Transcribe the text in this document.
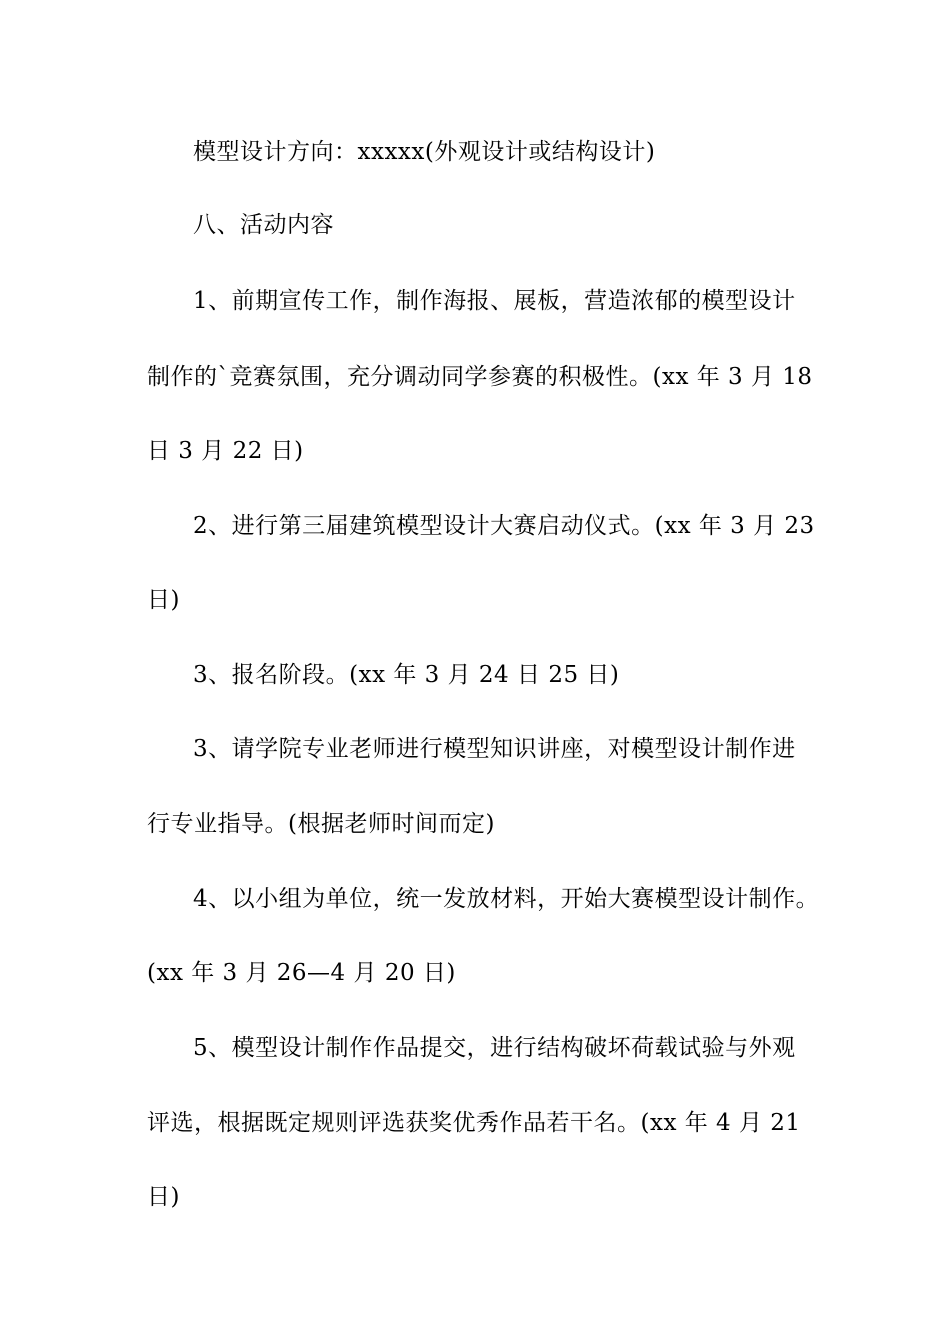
模型设计方向：xxxxx(外观设计或结构设计)
八、活动内容
1、前期宣传工作，制作海报、展板，营造浓郁的模型设计
制作的`竞赛氛围，充分调动同学参赛的积极性。(xx 年 3 月 18
日 3 月 22 日)
2、进行第三届建筑模型设计大赛启动仪式。(xx 年 3 月 23
日)
3、报名阶段。(xx 年 3 月 24 日 25 日)
3、请学院专业老师进行模型知识讲座，对模型设计制作进
行专业指导。(根据老师时间而定)
4、以小组为单位，统一发放材料，开始大赛模型设计制作。
(xx 年 3 月 26—4 月 20 日)
5、模型设计制作作品提交，进行结构破坏荷载试验与外观
评选，根据既定规则评选获奖优秀作品若干名。(xx 年 4 月 21
日)
